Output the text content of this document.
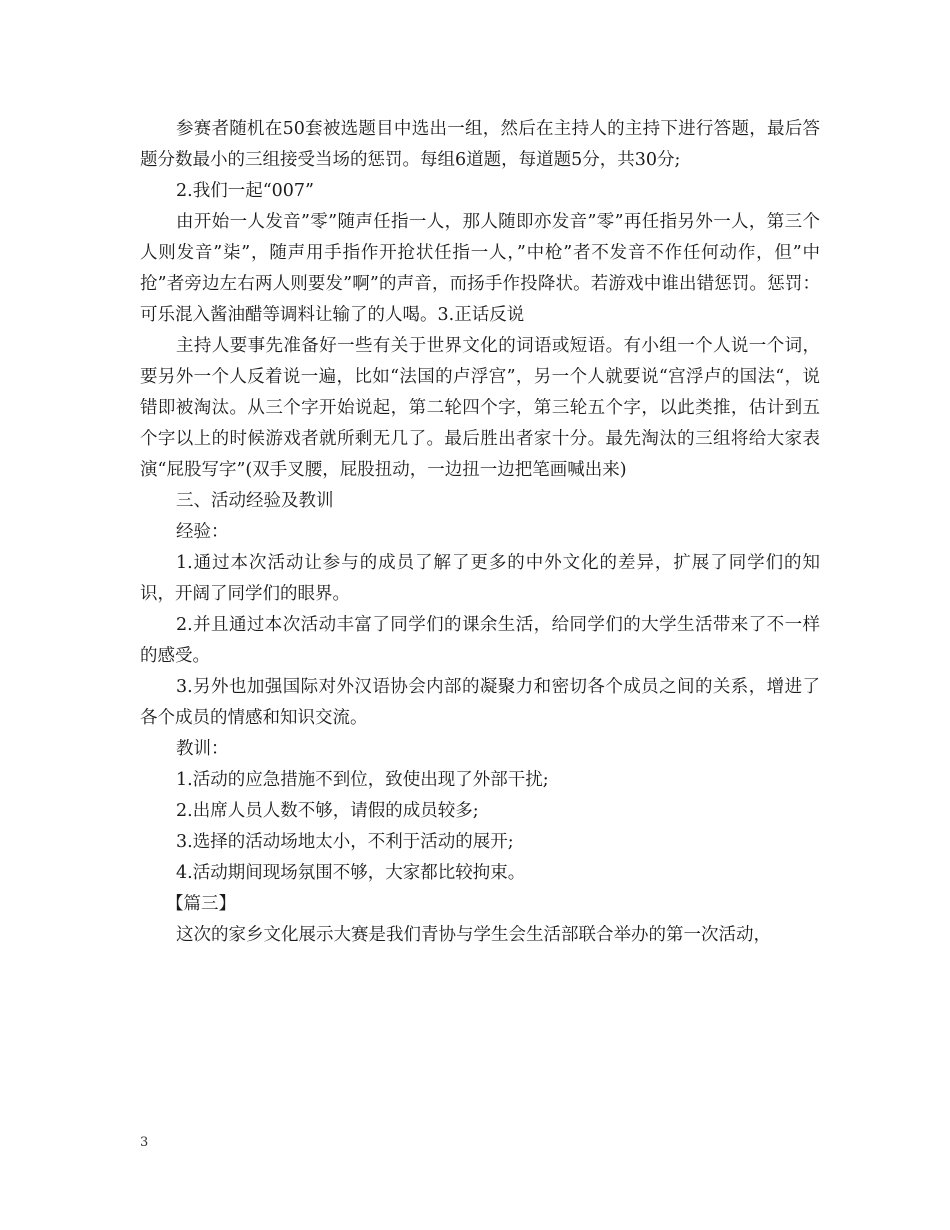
参赛者随机在50套被选题目中选出一组，然后在主持人的主持下进行答题，最后答题分数最小的三组接受当场的惩罚。每组6道题，每道题5分，共30分;

2.我们一起“007”

由开始一人发音”零”随声任指一人，那人随即亦发音”零”再任指另外一人，第三个人则发音”柒”，随声用手指作开抢状任指一人，”中枪”者不发音不作任何动作，但”中抢”者旁边左右两人则要发”啊”的声音，而扬手作投降状。若游戏中谁出错惩罚。惩罚：可乐混入酱油醋等调料让输了的人喝。3.正话反说

主持人要事先准备好一些有关于世界文化的词语或短语。有小组一个人说一个词，要另外一个人反着说一遍，比如“法国的卢浮宫”，另一个人就要说“宫浮卢的国法“，说错即被淘汰。从三个字开始说起，第二轮四个字，第三轮五个字，以此类推，估计到五个字以上的时候游戏者就所剩无几了。最后胜出者家十分。最先淘汰的三组将给大家表演“屁股写字”(双手叉腰，屁股扭动，一边扭一边把笔画喊出来)

三、活动经验及教训

经验：

1.通过本次活动让参与的成员了解了更多的中外文化的差异，扩展了同学们的知识，开阔了同学们的眼界。

2.并且通过本次活动丰富了同学们的课余生活，给同学们的大学生活带来了不一样的感受。

3.另外也加强国际对外汉语协会内部的凝聚力和密切各个成员之间的关系，增进了各个成员的情感和知识交流。

教训：

1.活动的应急措施不到位，致使出现了外部干扰;

2.出席人员人数不够，请假的成员较多;

3.选择的活动场地太小，不利于活动的展开;

4.活动期间现场氛围不够，大家都比较拘束。

【篇三】

这次的家乡文化展示大赛是我们青协与学生会生活部联合举办的第一次活动，

3
